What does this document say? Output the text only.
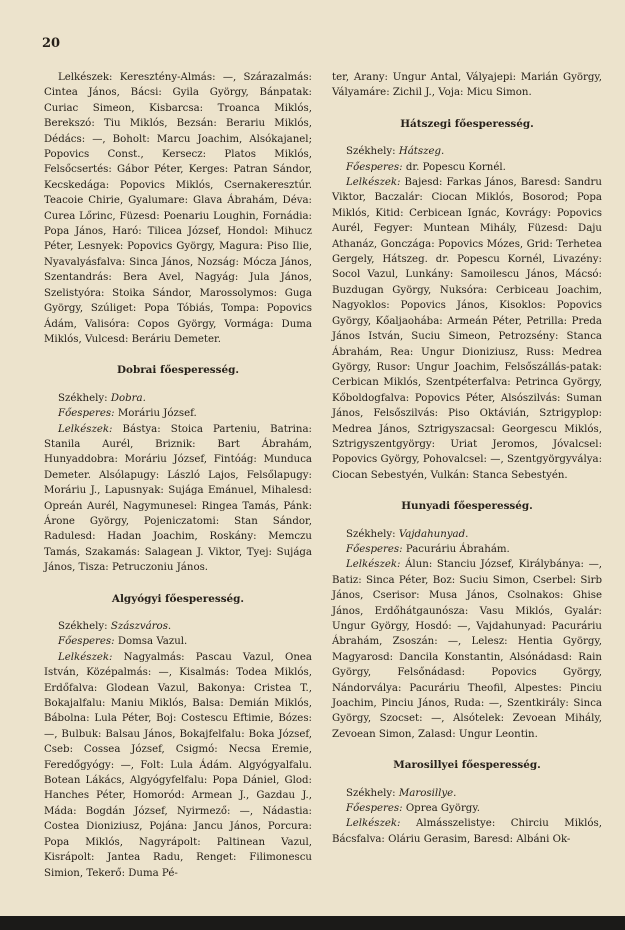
20

Lelkészek: Keresztény-Almás: —, Szárazalmás: Cintea János, Bácsi: Gyila György, Bánpatak: Curiac Simeon, Kisbarcsa: Troanca Miklós, Berekszó: Tiu Miklós, Bezsán: Berariu Miklós, Dédács: —, Boholt: Marcu Joachim, Alsókajanel; Popovics Const., Kersecz: Platos Miklós, Felsőcsertés: Gábor Péter, Kerges: Patran Sándor, Kecskedága: Popovics Miklós, Csernakeresztúr. Teacoie Chirie, Gyalumare: Glava Ábrahám, Déva: Curea Lőrinc, Füzesd: Poenariu Loughin, Fornádia: Popa János, Haró: Tilicea József, Hondol: Mihucz Péter, Lesnyek: Popovics György, Magura: Piso Ilie, Nyavalyásfalva: Sinca János, Nozság: Mócza János, Szentandrás: Bera Avel, Nagyág: Jula János, Szelistyóra: Stoika Sándor, Marossolymos: Guga György, Szúliget: Popa Tóbiás, Tompa: Popovics Ádám, Valisóra: Copos György, Vormága: Duma Miklós, Vulcesd: Beráriu Demeter.

Dobrai főesperesség.

Székhely: Dobra.

Főesperes: Moráriu József.

Lelkészek: Bástya: Stoica Parteniu, Batrina: Stanila Aurél, Briznik: Bart Ábrahám, Hunyaddobra: Moráriu József, Fintóág: Munduca Demeter. Alsólapugy: László Lajos, Felsőlapugy: Moráriu J., Lapusnyak: Sujága Emánuel, Mihalesd: Opreán Aurél, Nagymunesel: Ringea Tamás, Pánk: Árone György, Pojeniczatomi: Stan Sándor, Radulesd: Hadan Joachim, Roskány: Memczu Tamás, Szakamás: Salagean J. Viktor, Tyej: Sujága János, Tisza: Petruczoniu János.

Algyógyi főesperesség.

Székhely: Szászváros.

Főesperes: Domsa Vazul.

Lelkészek: Nagyalmás: Pascau Vazul, Onea István, Középalmás: —, Kisalmás: Todea Miklós, Erdőfalva: Glodean Vazul, Bakonya: Cristea T., Bokajalfalu: Maniu Miklós, Balsa: Demián Miklós, Bábolna: Lula Péter, Boj: Costescu Eftimie, Bózes: —, Bulbuk: Balsau János, Bokajfelfalu: Boka József, Cseb: Cossea József, Csigmó: Necsa Eremie, Feredőgyógy: —, Folt: Lula Ádám. Algyógyalfalu. Botean Lákács, Algyógyfelfalu: Popa Dániel, Glod: Hanches Péter, Homoród: Armean J., Gazdau J., Máda: Bogdán József, Nyirmező: —, Nádastia: Costea Dioniziusz, Pojána: Jancu János, Porcura: Popa Miklós, Nagyrápolt: Paltinean Vazul, Kisrápolt: Jantea Radu, Renget: Filimonescu Simion, Tekerő: Duma Pé-

ter, Arany: Ungur Antal, Vályajepi: Marián György, Vályamáre: Zichil J., Voja: Micu Simon.

Hátszegi főesperesség.

Székhely: Hátszeg.

Főesperes: dr. Popescu Kornél.

Lelkészek: Bajesd: Farkas János, Baresd: Sandru Viktor, Baczalár: Ciocan Miklós, Bosorod; Popa Miklós, Kitid: Cerbicean Ignác, Kovrágy: Popovics Aurél, Fegyer: Muntean Mihály, Füzesd: Daju Athanáz, Gonczága: Popovics Mózes, Grid: Terhetea Gergely, Hátszeg. dr. Popescu Kornél, Livazény: Socol Vazul, Lunkány: Samoilescu János, Mácsó: Buzdugan György, Nuksóra: Cerbiceau Joachim, Nagyoklos: Popovics János, Kisoklos: Popovics György, Kőaljaohába: Armeán Péter, Petrilla: Preda János István, Suciu Simeon, Petrozsény: Stanca Ábrahám, Rea: Ungur Dioniziusz, Russ: Medrea György, Rusor: Ungur Joachim, Felsőszállás-patak: Cerbican Miklós, Szentpéterfalva: Petrinca György, Kőboldogfalva: Popovics Péter, Alsószilvás: Suman János, Felsőszilvás: Piso Oktávián, Sztrigyplop: Medrea János, Sztrigyszacsal: Georgescu Miklós, Sztrigyszentgyörgy: Uriat Jeromos, Jóvalcsel: Popovics György, Pohovalcsel: —, Szentgyörgyválya: Ciocan Sebestyén, Vulkán: Stanca Sebestyén.

Hunyadi főesperesség.

Székhely: Vajdahunyad.

Főesperes: Pacuráriu Ábrahám.

Lelkészek: Álun: Stanciu József, Királybánya: —, Batiz: Sinca Péter, Boz: Suciu Simon, Cserbel: Sirb János, Cserisor: Musa János, Csolnakos: Ghise János, Erdőhátgaunósza: Vasu Miklós, Gyalár: Ungur György, Hosdó: —, Vajdahunyad: Pacuráriu Ábrahám, Zsoszán: —, Lelesz: Hentia György, Magyarosd: Dancila Konstantin, Alsónádasd: Rain György, Felsőnádasd: Popovics György, Nándorválya: Pacuráriu Theofil, Alpestes: Pinciu Joachim, Pinciu János, Ruda: —, Szentkirály: Sinca György, Szocset: —, Alsótelek: Zevoean Mihály, Zevoean Simon, Zalasd: Ungur Leontin.

Marosillyei főesperesség.

Székhely: Marosillye.

Főesperes: Oprea György.

Lelkészek: Almásszelistye: Chirciu Miklós, Bácsfalva: Oláriu Gerasim, Baresd: Albáni Ok-
